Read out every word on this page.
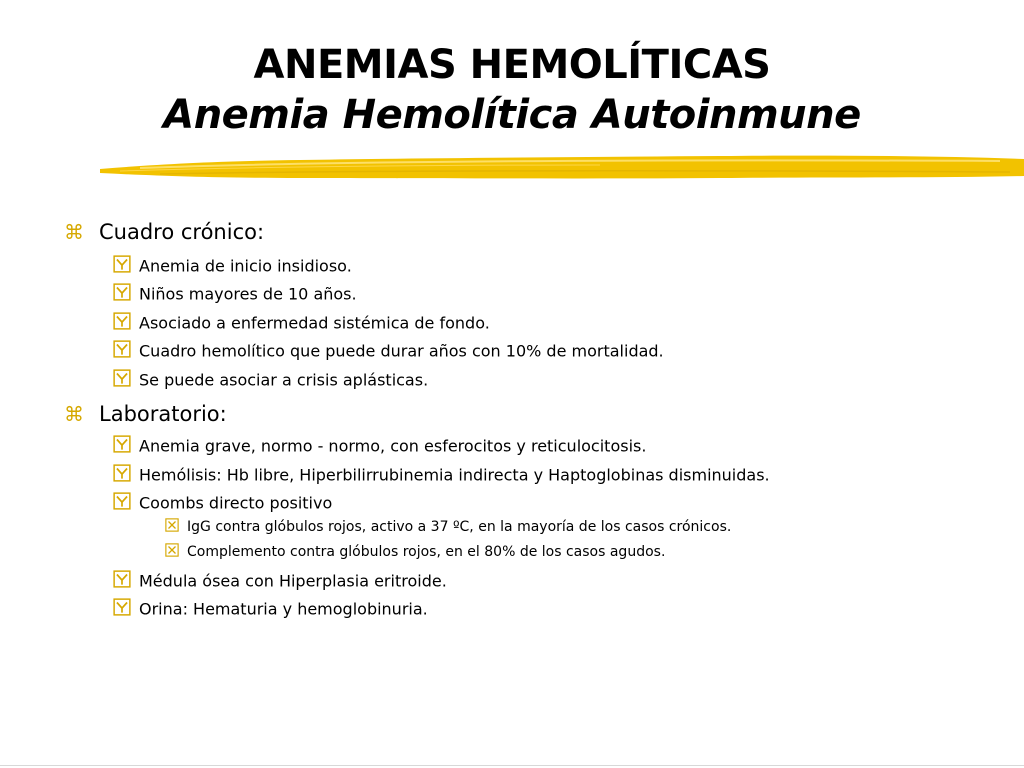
ANEMIAS HEMOLÍTICAS
Anemia Hemolítica Autoinmune
⌘ Cuadro crónico:
Anemia de inicio insidioso.
Niños mayores de 10 años.
Asociado a enfermedad sistémica de fondo.
Cuadro hemolítico que puede durar años con 10% de mortalidad.
Se puede asociar a crisis aplásticas.
⌘ Laboratorio:
Anemia grave, normo - normo, con esferocitos y reticulocitosis.
Hemólisis: Hb libre, Hiperbilirrubinemia indirecta y Haptoglobinas disminuidas.
Coombs directo positivo
IgG contra glóbulos rojos, activo a 37 ºC, en la mayoría de los casos crónicos.
Complemento contra glóbulos rojos, en el 80% de los casos agudos.
Médula ósea con Hiperplasia eritroide.
Orina: Hematuria y hemoglobinuria.
